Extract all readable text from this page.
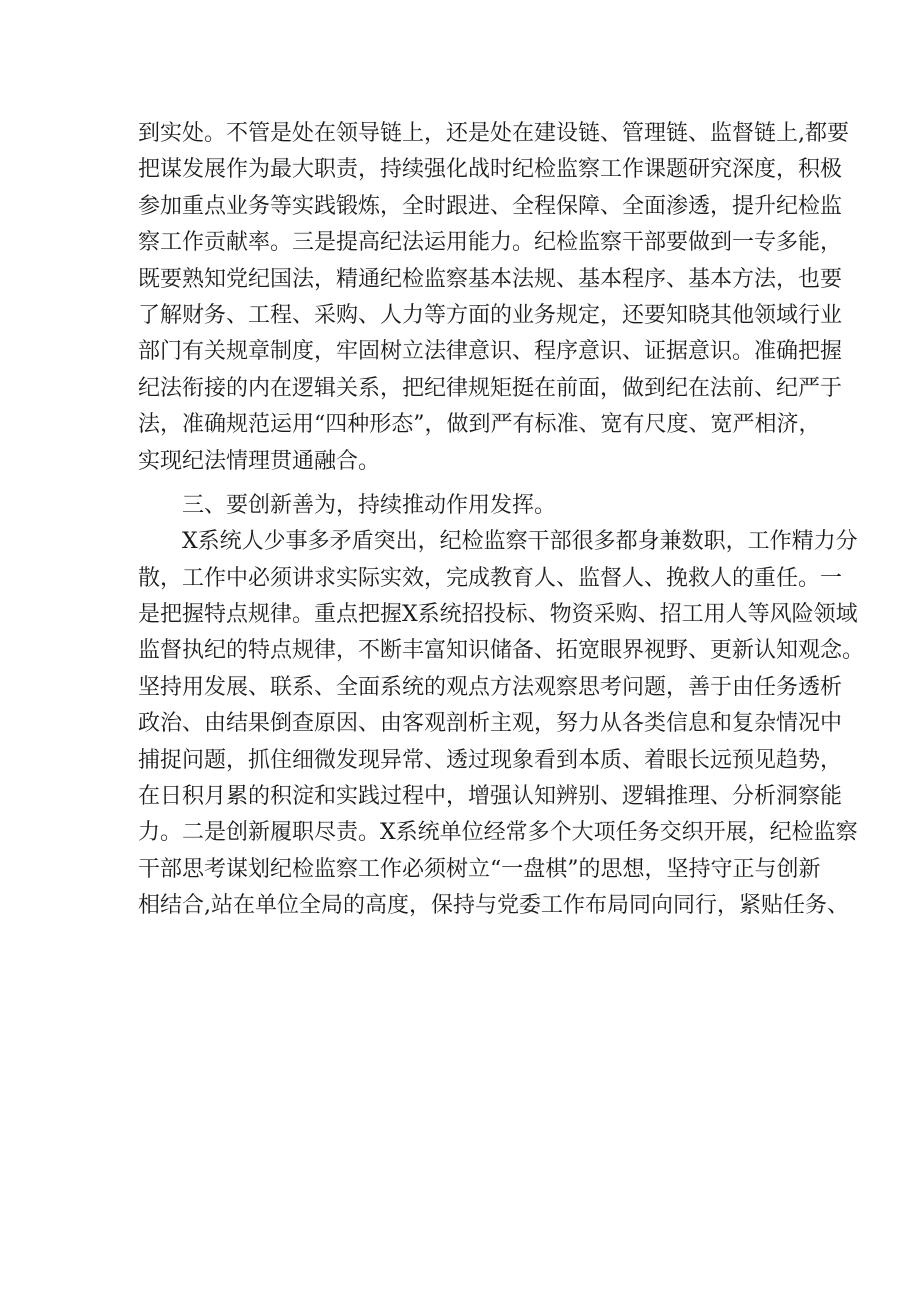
到实处。不管是处在领导链上，还是处在建设链、管理链、监督链上,都要
把谋发展作为最大职责，持续强化战时纪检监察工作课题研究深度，积极
参加重点业务等实践锻炼，全时跟进、全程保障、全面渗透，提升纪检监
察工作贡献率。三是提高纪法运用能力。纪检监察干部要做到一专多能，
既要熟知党纪国法，精通纪检监察基本法规、基本程序、基本方法，也要
了解财务、工程、采购、人力等方面的业务规定，还要知晓其他领域行业
部门有关规章制度，牢固树立法律意识、程序意识、证据意识。准确把握
纪法衔接的内在逻辑关系，把纪律规矩挺在前面，做到纪在法前、纪严于
法，准确规范运用“四种形态”，做到严有标准、宽有尺度、宽严相济，
实现纪法情理贯通融合。
三、要创新善为，持续推动作用发挥。
X系统人少事多矛盾突出，纪检监察干部很多都身兼数职，工作精力分
散，工作中必须讲求实际实效，完成教育人、监督人、挽救人的重任。一
是把握特点规律。重点把握X系统招投标、物资采购、招工用人等风险领域
监督执纪的特点规律，不断丰富知识储备、拓宽眼界视野、更新认知观念。
坚持用发展、联系、全面系统的观点方法观察思考问题，善于由任务透析
政治、由结果倒查原因、由客观剖析主观，努力从各类信息和复杂情况中
捕捉问题，抓住细微发现异常、透过现象看到本质、着眼长远预见趋势，
在日积月累的积淀和实践过程中，增强认知辨别、逻辑推理、分析洞察能
力。二是创新履职尽责。X系统单位经常多个大项任务交织开展，纪检监察
干部思考谋划纪检监察工作必须树立“一盘棋”的思想，坚持守正与创新
相结合,站在单位全局的高度，保持与党委工作布局同向同行，紧贴任务、
